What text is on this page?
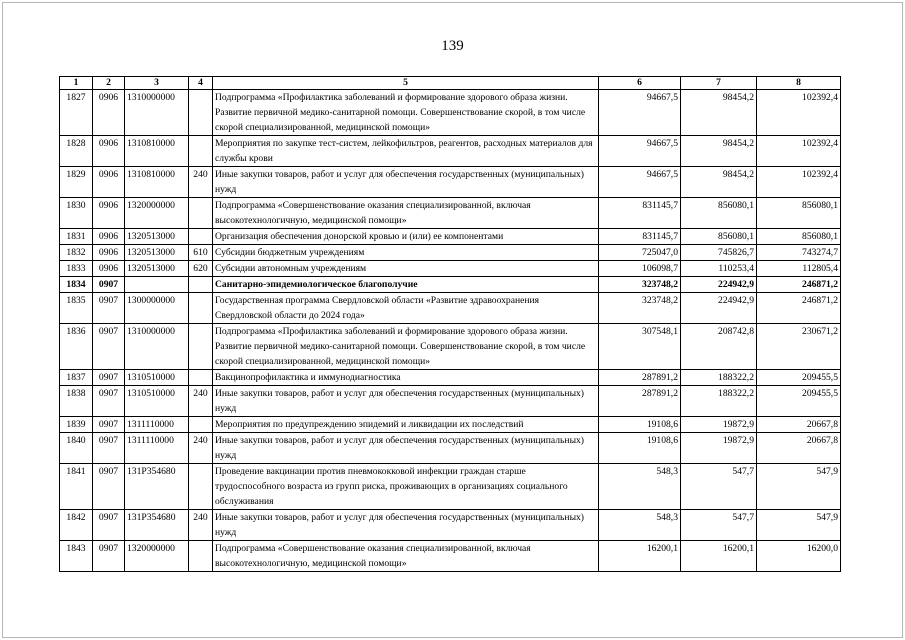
139
1	2	3	4	5	6	7	8
1827	0906	1310000000		Подпрограмма «Профилактика заболеваний и формирование здорового образа жизни. Развитие первичной медико-санитарной помощи. Совершенствование скорой, в том числе скорой специализированной, медицинской помощи»	94667,5	98454,2	102392,4
1828	0906	1310810000		Мероприятия по закупке тест-систем, лейкофильтров, реагентов, расходных материалов для службы крови	94667,5	98454,2	102392,4
1829	0906	1310810000	240	Иные закупки товаров, работ и услуг для обеспечения государственных (муниципальных) нужд	94667,5	98454,2	102392,4
1830	0906	1320000000		Подпрограмма «Совершенствование оказания специализированной, включая высокотехнологичную, медицинской помощи»	831145,7	856080,1	856080,1
1831	0906	1320513000		Организация обеспечения донорской кровью и (или) ее компонентами	831145,7	856080,1	856080,1
1832	0906	1320513000	610	Субсидии бюджетным учреждениям	725047,0	745826,7	743274,7
1833	0906	1320513000	620	Субсидии автономным учреждениям	106098,7	110253,4	112805,4
1834	0907			Санитарно-эпидемиологическое благополучие	323748,2	224942,9	246871,2
1835	0907	1300000000		Государственная программа Свердловской области «Развитие здравоохранения Свердловской области до 2024 года»	323748,2	224942,9	246871,2
1836	0907	1310000000		Подпрограмма «Профилактика заболеваний и формирование здорового образа жизни. Развитие первичной медико-санитарной помощи. Совершенствование скорой, в том числе скорой специализированной, медицинской помощи»	307548,1	208742,8	230671,2
1837	0907	1310510000		Вакцинопрофилактика и иммунодиагностика	287891,2	188322,2	209455,5
1838	0907	1310510000	240	Иные закупки товаров, работ и услуг для обеспечения государственных (муниципальных) нужд	287891,2	188322,2	209455,5
1839	0907	1311110000		Мероприятия по предупреждению эпидемий и ликвидации их последствий	19108,6	19872,9	20667,8
1840	0907	1311110000	240	Иные закупки товаров, работ и услуг для обеспечения государственных (муниципальных) нужд	19108,6	19872,9	20667,8
1841	0907	131P354680		Проведение вакцинации против пневмококковой инфекции граждан старше трудоспособного возраста из групп риска, проживающих в организациях социального обслуживания	548,3	547,7	547,9
1842	0907	131P354680	240	Иные закупки товаров, работ и услуг для обеспечения государственных (муниципальных) нужд	548,3	547,7	547,9
1843	0907	1320000000		Подпрограмма «Совершенствование оказания специализированной, включая высокотехнологичную, медицинской помощи»	16200,1	16200,1	16200,0
